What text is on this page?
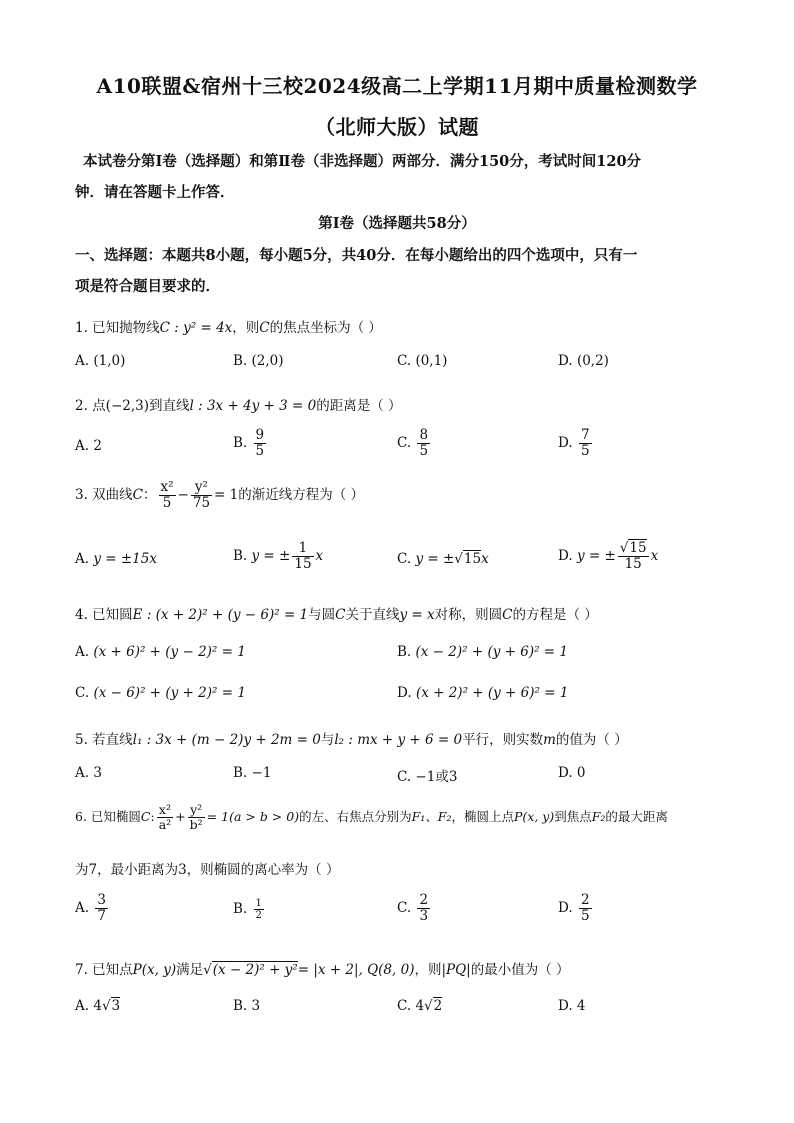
A10联盟&宿州十三校2024级高二上学期11月期中质量检测数学
（北师大版）试题
本试卷分第Ⅰ卷（选择题）和第Ⅱ卷（非选择题）两部分．满分150分，考试时间120分
钟．请在答题卡上作答．
第Ⅰ卷（选择题共58分）
一、选择题：本题共8小题，每小题5分，共40分．在每小题给出的四个选项中，只有一
项是符合题目要求的．
1. 已知抛物线C : y² = 4x，则C的焦点坐标为（ ）
A. (1,0)	B. (2,0)	C. (0,1)	D. (0,2)
2. 点(−2,3)到直线l : 3x + 4y + 3 = 0的距离是（ ）
A. 2	B. $\frac{9}{5}$	C. $\frac{8}{5}$	D. $\frac{7}{5}$
3. 双曲线C： $\frac{\text{x²}}{5} - \frac{\text{y²}}{75} = 1$的渐近线方程为（ ）
A. y = ±15x	B. y = ± $\frac{1}{15}$ x	C. y = ±√15x	D. y = ± $\frac{√15}{15}$ x
4. 已知圆E : (x + 2)² + (y − 6)² = 1与圆C关于直线y = x对称，则圆C的方程是（ ）
A. (x + 6)² + (y − 2)² = 1	B. (x − 2)² + (y + 6)² = 1
C. (x − 6)² + (y + 2)² = 1	D. (x + 2)² + (y + 6)² = 1
5. 若直线l₁ : 3x + (m − 2)y + 2m = 0与l₂ : mx + y + 6 = 0平行，则实数m的值为（ ）
A. 3	B. −1	C. −1或3	D. 0
6. 已知椭圆C: $\frac{\text{x²}}{\text{a²}} + \frac{\text{y²}}{\text{b²}} = 1(a > b > 0)$的左、右焦点分别为F₁、F₂，椭圆上点P(x, y)到焦点F₂的最大距离
为7，最小距离为3，则椭圆的离心率为（ ）
A. $\frac{3}{7}$	B. $\frac{1}{2}$	C. $\frac{2}{3}$	D. $\frac{2}{5}$
7. 已知点P(x, y)满足√(x − 2)² + y²= |x + 2|, Q(8, 0)，则|PQ|的最小值为（ ）
A. 4√3	B. 3	C. 4√2	D. 4
